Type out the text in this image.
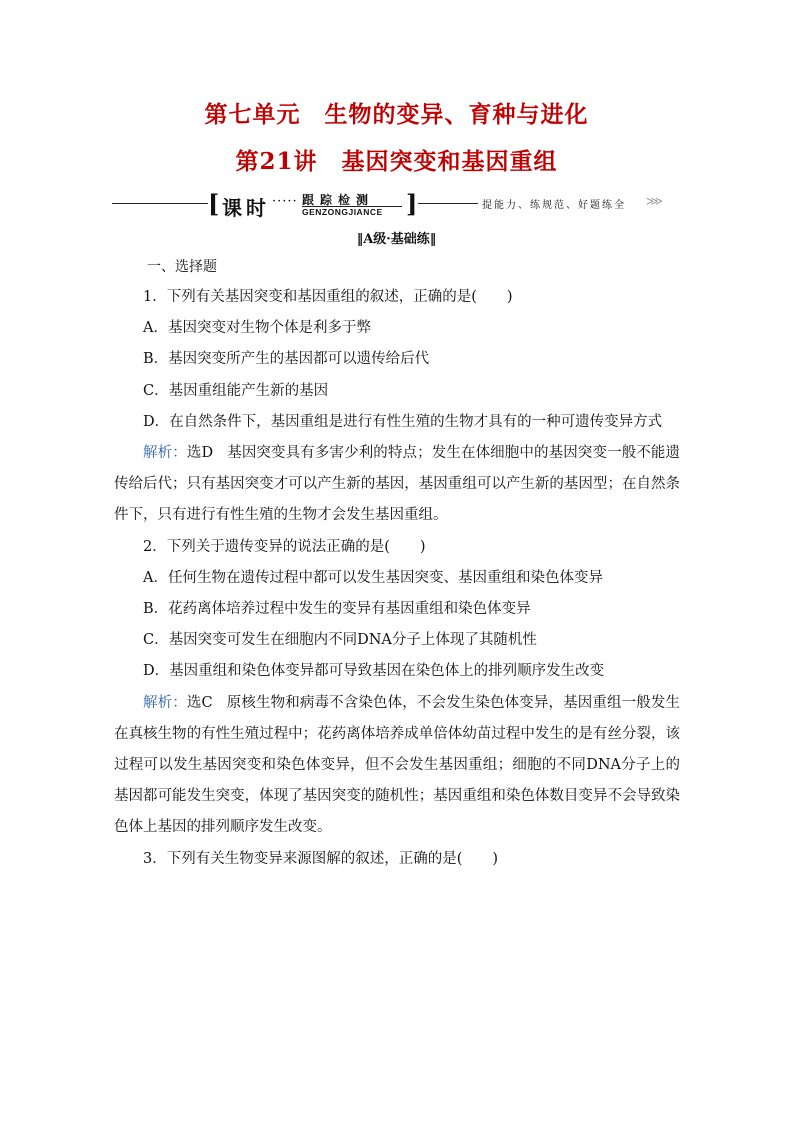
第七单元　生物的变异、育种与进化
第21讲　基因突变和基因重组
[ 课时 ····· 跟踪检测
GENZONGJIANCE ]	提能力、练规范、好题练全 ⋙
‖A级·基础练‖
一、选择题

1．下列有关基因突变和基因重组的叙述，正确的是( )

A．基因突变对生物个体是利多于弊

B．基因突变所产生的基因都可以遗传给后代

C．基因重组能产生新的基因

D．在自然条件下，基因重组是进行有性生殖的生物才具有的一种可遗传变异方式

解析：选D 基因突变具有多害少利的特点；发生在体细胞中的基因突变一般不能遗传给后代；只有基因突变才可以产生新的基因，基因重组可以产生新的基因型；在自然条件下，只有进行有性生殖的生物才会发生基因重组。

2．下列关于遗传变异的说法正确的是( )

A．任何生物在遗传过程中都可以发生基因突变、基因重组和染色体变异

B．花药离体培养过程中发生的变异有基因重组和染色体变异

C．基因突变可发生在细胞内不同DNA分子上体现了其随机性

D．基因重组和染色体变异都可导致基因在染色体上的排列顺序发生改变

解析：选C 原核生物和病毒不含染色体，不会发生染色体变异，基因重组一般发生在真核生物的有性生殖过程中；花药离体培养成单倍体幼苗过程中发生的是有丝分裂，该过程可以发生基因突变和染色体变异，但不会发生基因重组；细胞的不同DNA分子上的基因都可能发生突变，体现了基因突变的随机性；基因重组和染色体数目变异不会导致染色体上基因的排列顺序发生改变。

3．下列有关生物变异来源图解的叙述，正确的是( )
